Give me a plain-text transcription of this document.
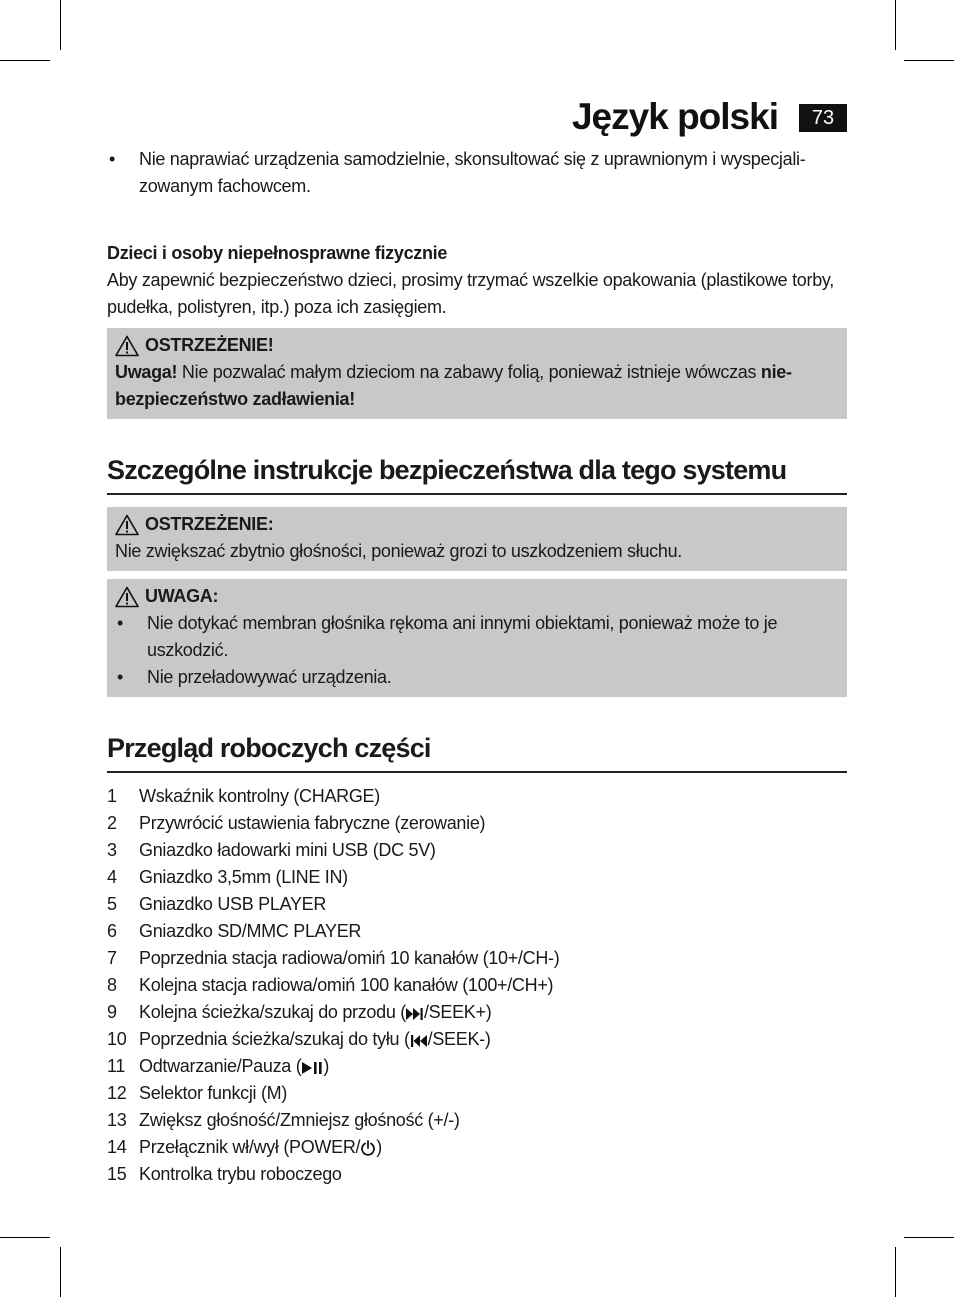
Język polski	73
• Nie naprawiać urządzenia samodzielnie, skonsultować się z uprawnionym i wyspecjali- zowanym fachowcem.
Dzieci i osoby niepełnosprawne fizycznie
Aby zapewnić bezpieczeństwo dzieci, prosimy trzymać wszelkie opakowania (plastikowe torby, pudełka, polistyren, itp.) poza ich zasięgiem.
OSTRZEŻENIE!
Uwaga! Nie pozwalać małym dzieciom na zabawy folią, ponieważ istnieje wówczas nie- bezpieczeństwo zadławienia!
Szczególne instrukcje bezpieczeństwa dla tego systemu
OSTRZEŻENIE:
Nie zwiększać zbytnio głośności, ponieważ grozi to uszkodzeniem słuchu.
UWAGA:
• Nie dotykać membran głośnika rękoma ani innymi obiektami, ponieważ może to je uszkodzić.
• Nie przeładowywać urządzenia.
Przegląd roboczych części
1	Wskaźnik kontrolny (CHARGE)
2	Przywrócić ustawienia fabryczne (zerowanie)
3	Gniazdko ładowarki mini USB (DC 5V)
4	Gniazdko 3,5mm (LINE IN)
5	Gniazdko USB PLAYER
6	Gniazdko SD/MMC PLAYER
7	Poprzednia stacja radiowa/omiń 10 kanałów (10+/CH-)
8	Kolejna stacja radiowa/omiń 100 kanałów (100+/CH+)
9	Kolejna ścieżka/szukaj do przodu ( /SEEK+)
10 Poprzednia ścieżka/szukaj do tyłu ( /SEEK-)
11 Odtwarzanie/Pauza ( )
12 Selektor funkcji (M)
13 Zwiększ głośność/Zmniejsz głośność (+/-)
14 Przełącznik wł/wył (POWER/ )
15 Kontrolka trybu roboczego
